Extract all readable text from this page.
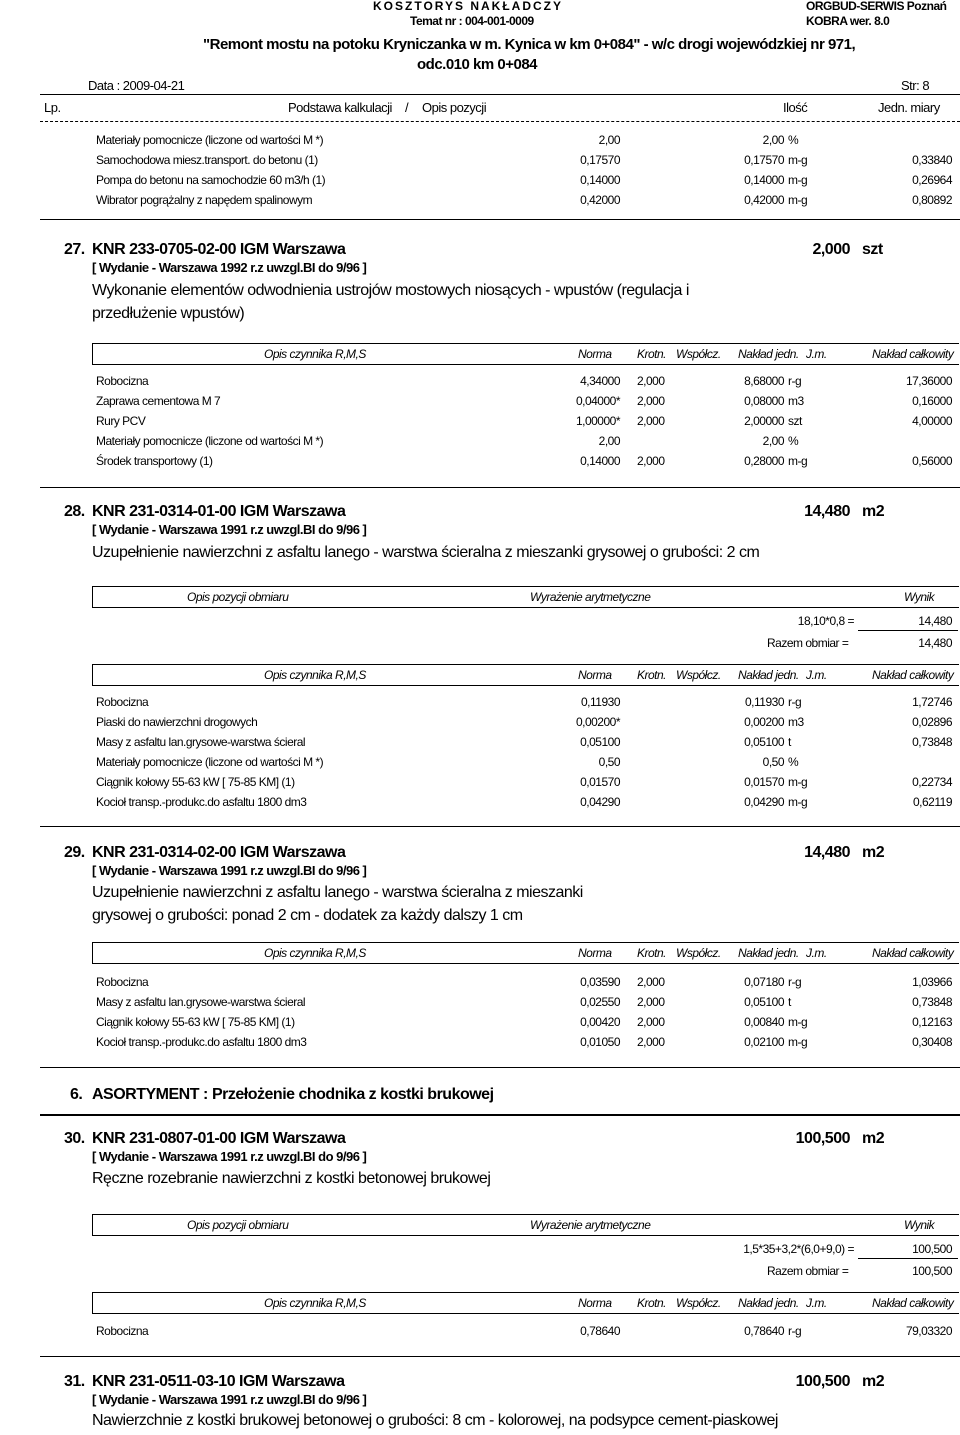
KOSZTORYS NAKŁADCZY	ORGBUD-SERWIS Poznań
Temat nr : 004-001-0009	KOBRA wer. 8.0
"Remont mostu na potoku Kryniczanka w m. Kynica w km 0+084" - w/c drogi wojewódzkiej nr 971,
odc.010 km 0+084
Data : 2009-04-21	Str: 8
Lp.	Podstawa kalkulacji / Opis pozycji	Ilość	Jedn. miary
Materiały pomocnicze (liczone od wartości M *)	2,00	2,00 %
Samochodowa miesz.transport. do betonu (1)	0,17570	0,17570 m-g	0,33840
Pompa do betonu na samochodzie 60 m3/h (1)	0,14000	0,14000 m-g	0,26964
Wibrator pogrążalny z napędem spalinowym	0,42000	0,42000 m-g	0,80892
27. KNR 233-0705-02-00 IGM Warszawa	2,000 szt
[ Wydanie - Warszawa 1992 r.z uwzgl.BI do 9/96 ]
Wykonanie elementów odwodnienia ustrojów mostowych niosących - wpustów (regulacja i
przedłużenie wpustów)
Opis czynnika R,M,S	Norma Krotn. Współcz. Nakład jedn. J.m.	Nakład całkowity
Robocizna	4,34000 2,000	8,68000 r-g	17,36000
Zaprawa cementowa M 7	0,04000* 2,000	0,08000 m3	0,16000
Rury PCV	1,00000* 2,000	2,00000 szt	4,00000
Materiały pomocnicze (liczone od wartości M *)	2,00	2,00 %
Środek transportowy (1)	0,14000 2,000	0,28000 m-g	0,56000
28. KNR 231-0314-01-00 IGM Warszawa	14,480 m2
[ Wydanie - Warszawa 1991 r.z uwzgl.BI do 9/96 ]
Uzupełnienie nawierzchni z asfaltu lanego - warstwa ścieralna z mieszanki grysowej o grubości: 2 cm
Opis pozycji obmiaru	Wyrażenie arytmetyczne	Wynik
18,10*0,8 =	14,480
Razem obmiar =	14,480
Opis czynnika R,M,S	Norma Krotn. Współcz. Nakład jedn. J.m.	Nakład całkowity
Robocizna	0,11930	0,11930 r-g	1,72746
Piaski do nawierzchni drogowych	0,00200*	0,00200 m3	0,02896
Masy z asfaltu lan.grysowe-warstwa ścieral	0,05100	0,05100 t	0,73848
Materiały pomocnicze (liczone od wartości M *)	0,50	0,50 %
Ciągnik kołowy 55-63 kW [ 75-85 KM] (1)	0,01570	0,01570 m-g	0,22734
Kocioł transp.-produkc.do asfaltu 1800 dm3	0,04290	0,04290 m-g	0,62119
29. KNR 231-0314-02-00 IGM Warszawa	14,480 m2
[ Wydanie - Warszawa 1991 r.z uwzgl.BI do 9/96 ]
Uzupełnienie nawierzchni z asfaltu lanego - warstwa ścieralna z mieszanki
grysowej o grubości: ponad 2 cm - dodatek za każdy dalszy 1 cm
Opis czynnika R,M,S	Norma Krotn. Współcz. Nakład jedn. J.m.	Nakład całkowity
Robocizna	0,03590 2,000	0,07180 r-g	1,03966
Masy z asfaltu lan.grysowe-warstwa ścieral	0,02550 2,000	0,05100 t	0,73848
Ciągnik kołowy 55-63 kW [ 75-85 KM] (1)	0,00420 2,000	0,00840 m-g	0,12163
Kocioł transp.-produkc.do asfaltu 1800 dm3	0,01050 2,000	0,02100 m-g	0,30408
6. ASORTYMENT : Przełożenie chodnika z kostki brukowej
30. KNR 231-0807-01-00 IGM Warszawa	100,500 m2
[ Wydanie - Warszawa 1991 r.z uwzgl.BI do 9/96 ]
Ręczne rozebranie nawierzchni z kostki betonowej brukowej
Opis pozycji obmiaru	Wyrażenie arytmetyczne	Wynik
1,5*35+3,2*(6,0+9,0) =	100,500
Razem obmiar =	100,500
Opis czynnika R,M,S	Norma Krotn. Współcz. Nakład jedn. J.m.	Nakład całkowity
Robocizna	0,78640	0,78640 r-g	79,03320
31. KNR 231-0511-03-10 IGM Warszawa	100,500 m2
[ Wydanie - Warszawa 1991 r.z uwzgl.BI do 9/96 ]
Nawierzchnie z kostki brukowej betonowej o grubości: 8 cm - kolorowej, na podsypce cement-piaskowej
